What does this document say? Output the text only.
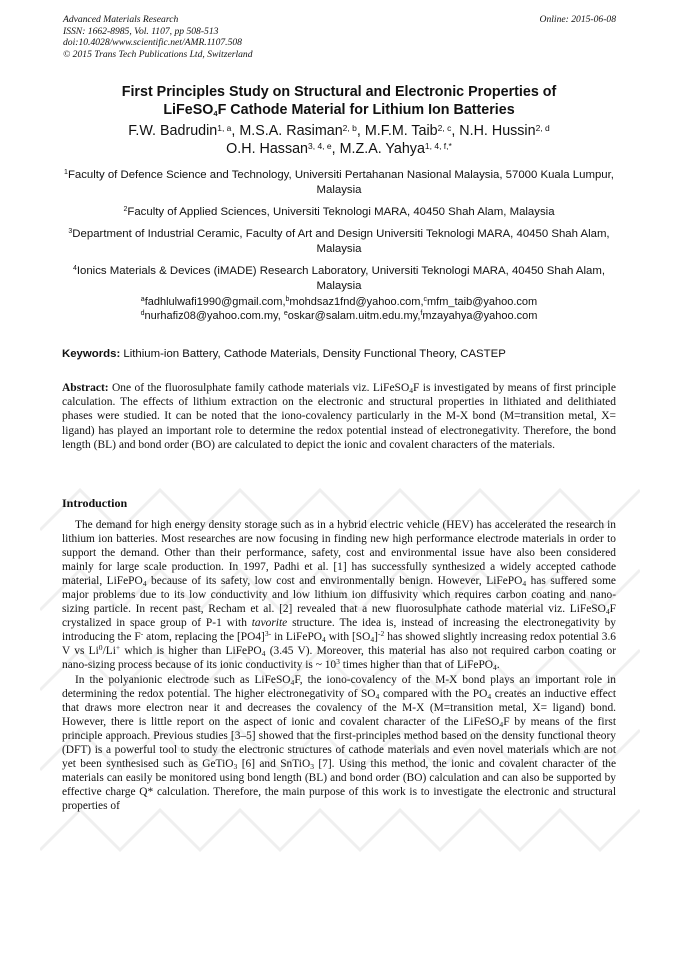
Advanced Materials Research
ISSN: 1662-8985, Vol. 1107, pp 508-513
doi:10.4028/www.scientific.net/AMR.1107.508
© 2015 Trans Tech Publications Ltd, Switzerland
Online: 2015-06-08
First Principles Study on Structural and Electronic Properties of
LiFeSO$_4$F Cathode Material for Lithium Ion Batteries
F.W. Badrudin$^{1, a}$, M.S.A. Rasiman$^{2, b}$, M.F.M. Taib$^{2, c}$, N.H. Hussin$^{2, d}$
O.H. Hassan$^{3, 4, e}$, M.Z.A. Yahya$^{1, 4, f,*}$
$^1$Faculty of Defence Science and Technology, Universiti Pertahanan Nasional Malaysia, 57000 Kuala Lumpur, Malaysia
$^2$Faculty of Applied Sciences, Universiti Teknologi MARA, 40450 Shah Alam, Malaysia
$^3$Department of Industrial Ceramic, Faculty of Art and Design Universiti Teknologi MARA, 40450 Shah Alam, Malaysia
$^4$Ionics Materials & Devices (iMADE) Research Laboratory, Universiti Teknologi MARA, 40450 Shah Alam, Malaysia
$^a$fadhlulwafi1990@gmail.com,$^b$mohdsaz1fnd@yahoo.com,$^c$mfm_taib@yahoo.com
$^d$nurhafiz08@yahoo.com.my, $^e$oskar@salam.uitm.edu.my,$^f$mzayahya@yahoo.com
Keywords: Lithium-ion Battery, Cathode Materials, Density Functional Theory, CASTEP

Abstract: One of the fluorosulphate family cathode materials viz. LiFeSO$_4$F is investigated by means of first principle calculation. The effects of lithium extraction on the electronic and structural properties in lithiated and delithiated phases were studied. It can be noted that the iono-covalency particularly in the M-X bond (M=transition metal, X= ligand) has played an important role to determine the redox potential instead of electronegativity. Therefore, the bond length (BL) and bond order (BO) are calculated to depict the ionic and covalent characters of the materials.

Introduction

The demand for high energy density storage such as in a hybrid electric vehicle (HEV) has accelerated the research in lithium ion batteries. Most researches are now focusing in finding new high performance electrode materials in order to support the demand. Other than their performance, safety, cost and environmental issue have also been considered mainly for large scale production. In 1997, Padhi et al. [1] has successfully synthesized a widely accepted cathode material, LiFePO$_4$ because of its safety, low cost and environmentally benign. However, LiFePO$_4$ has suffered some major problems due to its low conductivity and low lithium ion diffusivity which requires carbon coating and nano-sizing particle. In recent past, Recham et al. [2] revealed that a new fluorosulphate cathode material viz. LiFeSO$_4$F crystalized in space group of P-1 with tavorite structure. The idea is, instead of increasing the electronegativity by introducing the F- atom, replacing the $[PO4]^{3-}$ in LiFePO$_4$ with $[SO_4]^{-2}$ has showed slightly increasing redox potential 3.6 V vs Li$^0$/Li+ which is higher than LiFePO$_4$ (3.45 V). Moreover, this material has also not required carbon coating or nano-sizing process because of its ionic conductivity is ~ $10^3$ times higher than that of LiFePO$_4$.

In the polyanionic electrode such as LiFeSO$_4$F, the iono-covalency of the M-X bond plays an important role in determining the redox potential. The higher electronegativity of $SO_4$ compared with the $PO_4$ creates an inductive effect that draws more electron near it and decreases the covalency of the M-X (M=transition metal, X= ligand) bond. However, there is little report on the aspect of ionic and covalent character of the LiFeSO$_4$F by means of the first principle approach. Previous studies [3–5] showed that the first-principles method based on the density functional theory (DFT) is a powerful tool to study the electronic structures of cathode materials and even novel materials which are not yet been synthesised such as GeTiO$_3$ [6] and SnTiO$_3$ [7]. Using this method, the ionic and covalent character of the materials can easily be monitored using bond length (BL) and bond order (BO) calculation and can also be supported by effective charge Q* calculation. Therefore, the main purpose of this work is to investigate the electronic and structural properties of
